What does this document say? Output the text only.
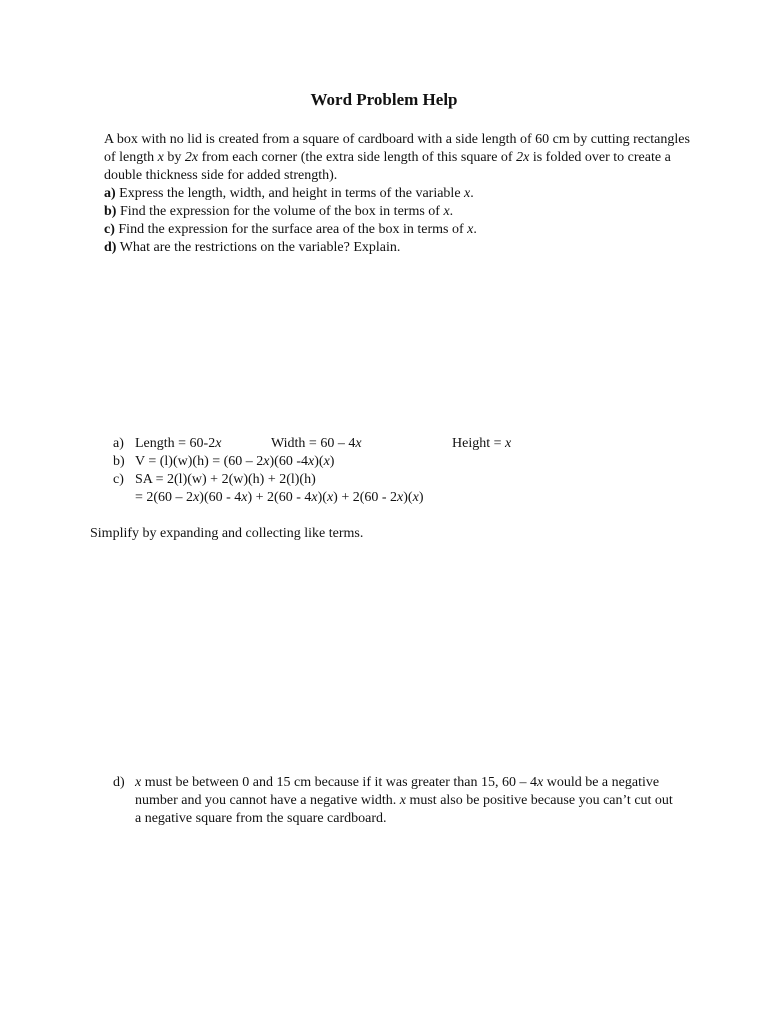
Word Problem Help

A box with no lid is created from a square of cardboard with a side length of 60 cm by cutting rectangles of length x by 2x from each corner (the extra side length of this square of 2x is folded over to create a double thickness side for added strength).

a) Express the length, width, and height in terms of the variable x.

b) Find the expression for the volume of the box in terms of x.

c) Find the expression for the surface area of the box in terms of x.

d) What are the restrictions on the variable? Explain.

a) Length = 60-2x	Width = 60 – 4x	Height = x
b) V = (l)(w)(h) = (60 – 2x)(60 -4x)(x)
c) SA = 2(l)(w) + 2(w)(h) + 2(l)(h)
= 2(60 – 2x)(60 - 4x) + 2(60 - 4x)(x) + 2(60 - 2x)(x)
Simplify by expanding and collecting like terms.
d) x must be between 0 and 15 cm because if it was greater than 15, 60 – 4x would be a negative number and you cannot have a negative width. x must also be positive because you can’t cut out a negative square from the square cardboard.
